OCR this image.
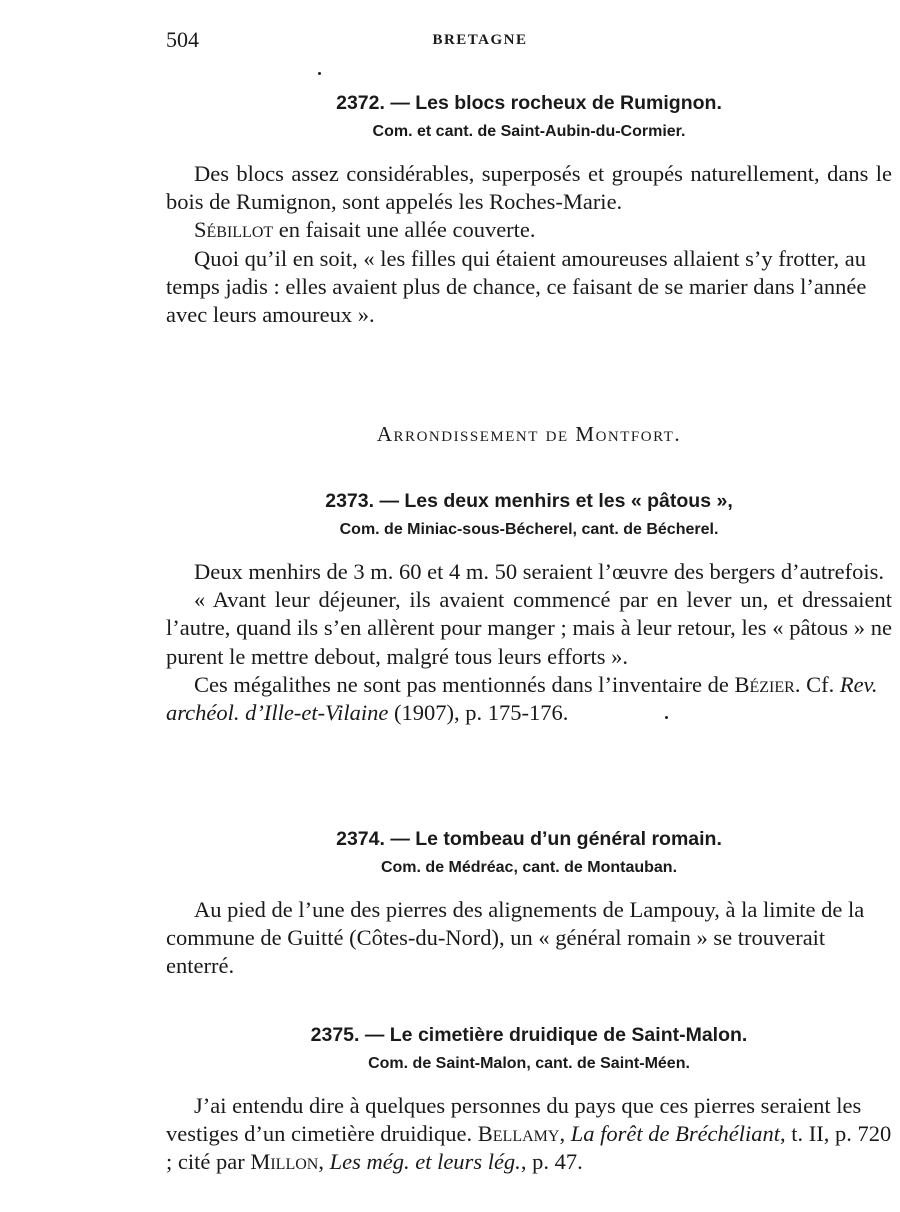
504	BRETAGNE

2372. — Les blocs rocheux de Rumignon.

Com. et cant. de Saint-Aubin-du-Cormier.

Des blocs assez considérables, superposés et groupés naturellement, dans le bois de Rumignon, sont appelés les Roches-Marie.

Sébillot en faisait une allée couverte.

Quoi qu’il en soit, « les filles qui étaient amoureuses allaient s’y frotter, au temps jadis : elles avaient plus de chance, ce faisant de se marier dans l’année avec leurs amoureux ».

Arrondissement de Montfort.

2373. — Les deux menhirs et les « pâtous »,

Com. de Miniac-sous-Bécherel, cant. de Bécherel.

Deux menhirs de 3 m. 60 et 4 m. 50 seraient l’œuvre des bergers d’autrefois.

« Avant leur déjeuner, ils avaient commencé par en lever un, et dressaient l’autre, quand ils s’en allèrent pour manger ; mais à leur retour, les « pâtous » ne purent le mettre debout, malgré tous leurs efforts ».

Ces mégalithes ne sont pas mentionnés dans l’inventaire de Bézier. Cf. Rev. archéol. d’Ille-et-Vilaine (1907), p. 175-176.

2374. — Le tombeau d’un général romain.

Com. de Médréac, cant. de Montauban.

Au pied de l’une des pierres des alignements de Lampouy, à la limite de la commune de Guitté (Côtes-du-Nord), un « général romain » se trouverait enterré.

2375. — Le cimetière druidique de Saint-Malon.

Com. de Saint-Malon, cant. de Saint-Méen.

J’ai entendu dire à quelques personnes du pays que ces pierres seraient les vestiges d’un cimetière druidique. Bellamy, La forêt de Bréchéliant, t. II, p. 720 ; cité par Millon, Les még. et leurs lég., p. 47.
